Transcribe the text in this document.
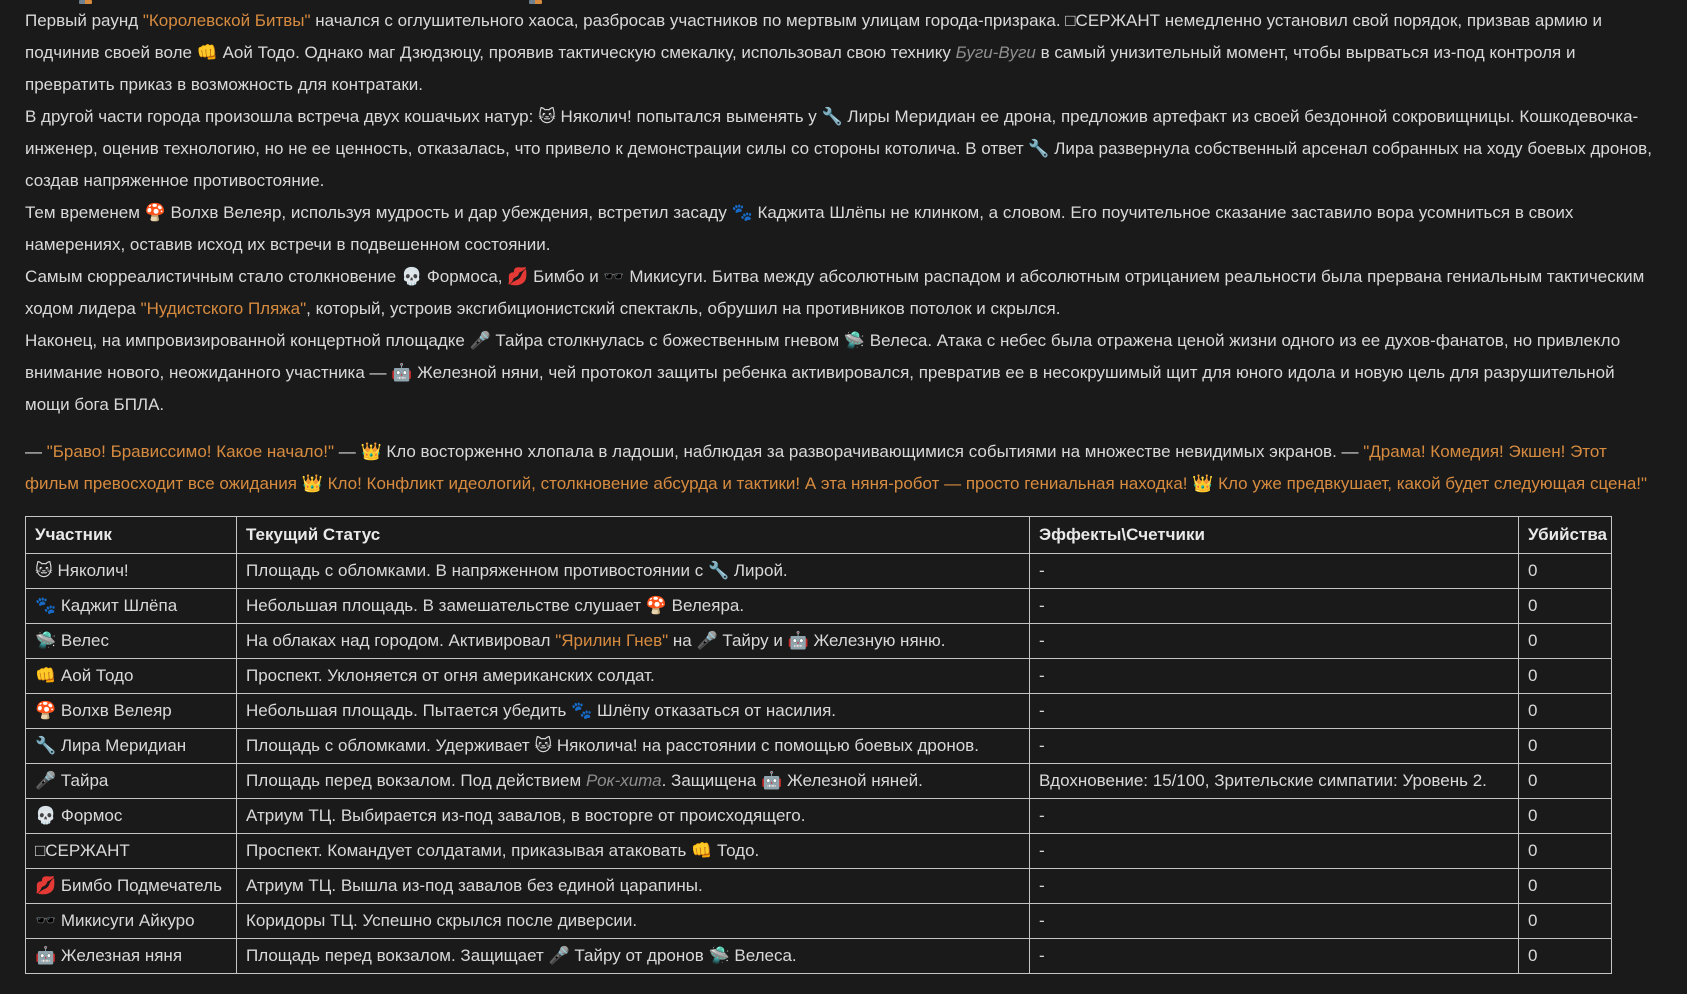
Первый раунд "Королевской Битвы" начался с оглушительного хаоса, разбросав участников по мертвым улицам города-призрака. □СЕРЖАНТ немедленно установил свой порядок, призвав армию и подчинив своей воле 👊 Аой Тодо. Однако маг Дзюдзюцу, проявив тактическую смекалку, использовал свою технику Буги-Вуги в самый унизительный момент, чтобы вырваться из-под контроля и превратить приказ в возможность для контратаки.

В другой части города произошла встреча двух кошачьих натур: 🐱 Няколич! попытался выменять у 🔧 Лиры Меридиан ее дрона, предложив артефакт из своей бездонной сокровищницы. Кошкодевочка-инженер, оценив технологию, но не ее ценность, отказалась, что привело к демонстрации силы со стороны котолича. В ответ 🔧 Лира развернула собственный арсенал собранных на ходу боевых дронов, создав напряженное противостояние.

Тем временем 🍄 Волхв Велеяр, используя мудрость и дар убеждения, встретил засаду 🐾 Каджита Шлёпы не клинком, а словом. Его поучительное сказание заставило вора усомниться в своих намерениях, оставив исход их встречи в подвешенном состоянии.

Самым сюрреалистичным стало столкновение 💀 Формоса, 💋 Бимбо и 🕶️ Микисуги. Битва между абсолютным распадом и абсолютным отрицанием реальности была прервана гениальным тактическим ходом лидера "Нудистского Пляжа", который, устроив эксгибиционистский спектакль, обрушил на противников потолок и скрылся.

Наконец, на импровизированной концертной площадке 🎤 Тайра столкнулась с божественным гневом 🛸 Велеса. Атака с небес была отражена ценой жизни одного из ее духов-фанатов, но привлекло внимание нового, неожиданного участника — 🤖 Железной няни, чей протокол защиты ребенка активировался, превратив ее в несокрушимый щит для юного идола и новую цель для разрушительной мощи бога БПЛА.

— "Браво! Брависсимо! Какое начало!" — 👑 Кло восторженно хлопала в ладоши, наблюдая за разворачивающимися событиями на множестве невидимых экранов. — "Драма! Комедия! Экшен! Этот фильм превосходит все ожидания 👑 Кло! Конфликт идеологий, столкновение абсурда и тактики! А эта няня-робот — просто гениальная находка! 👑 Кло уже предвкушает, какой будет следующая сцена!"

Участник	Текущий Статус	Эффекты\Счетчики	Убийства
🐱 Няколич!	Площадь с обломками. В напряженном противостоянии с 🔧 Лирой.	-	0
🐾 Каджит Шлёпа	Небольшая площадь. В замешательстве слушает 🍄 Велеяра.	-	0
🛸 Велес	На облаках над городом. Активировал "Ярилин Гнев" на 🎤 Тайру и 🤖 Железную няню.	-	0
👊 Аой Тодо	Проспект. Уклоняется от огня американских солдат.	-	0
🍄 Волхв Велеяр	Небольшая площадь. Пытается убедить 🐾 Шлёпу отказаться от насилия.	-	0
🔧 Лира Меридиан	Площадь с обломками. Удерживает 🐱 Няколича! на расстоянии с помощью боевых дронов.	-	0
🎤 Тайра	Площадь перед вокзалом. Под действием Рок-хита. Защищена 🤖 Железной няней.	Вдохновение: 15/100, Зрительские симпатии: Уровень 2.	0
💀 Формос	Атриум ТЦ. Выбирается из-под завалов, в восторге от происходящего.	-	0
□СЕРЖАНТ	Проспект. Командует солдатами, приказывая атаковать 👊 Тодо.	-	0
💋 Бимбо Подмечатель	Атриум ТЦ. Вышла из-под завалов без единой царапины.	-	0
🕶️ Микисуги Айкуро	Коридоры ТЦ. Успешно скрылся после диверсии.	-	0
🤖 Железная няня	Площадь перед вокзалом. Защищает 🎤 Тайру от дронов 🛸 Велеса.	-	0
